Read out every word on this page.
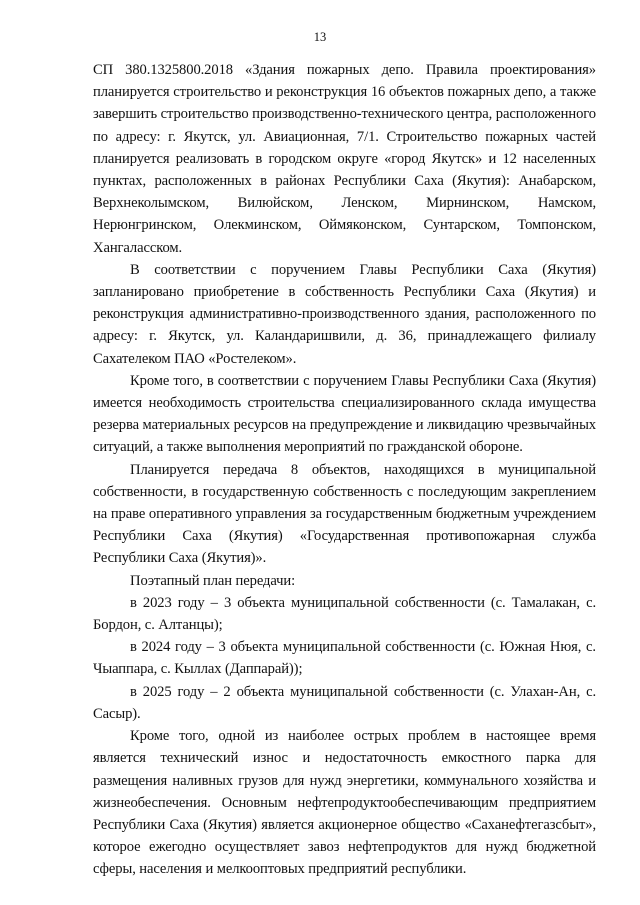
13

СП 380.1325800.2018 «Здания пожарных депо. Правила проектирования» планируется строительство и реконструкция 16 объектов пожарных депо, а также завершить строительство производственно-технического центра, расположенного по адресу: г. Якутск, ул. Авиационная, 7/1. Строительство пожарных частей планируется реализовать в городском округе «город Якутск» и 12 населенных пунктах, расположенных в районах Республики Саха (Якутия): Анабарском, Верхнеколымском, Вилюйском, Ленском, Мирнинском, Намском, Нерюнгринском, Олекминском, Оймяконском, Сунтарском, Томпонском, Хангаласском.

В соответствии с поручением Главы Республики Саха (Якутия) запланировано приобретение в собственность Республики Саха (Якутия) и реконструкция административно-производственного здания, расположенного по адресу: г. Якутск, ул. Каландаришвили, д. 36, принадлежащего филиалу Сахателеком ПАО «Ростелеком».

Кроме того, в соответствии с поручением Главы Республики Саха (Якутия) имеется необходимость строительства специализированного склада имущества резерва материальных ресурсов на предупреждение и ликвидацию чрезвычайных ситуаций, а также выполнения мероприятий по гражданской обороне.

Планируется передача 8 объектов, находящихся в муниципальной собственности, в государственную собственность с последующим закреплением на праве оперативного управления за государственным бюджетным учреждением Республики Саха (Якутия) «Государственная противопожарная служба Республики Саха (Якутия)».

Поэтапный план передачи:

в 2023 году – 3 объекта муниципальной собственности (с. Тамалакан, с. Бордон, с. Алтанцы);

в 2024 году – 3 объекта муниципальной собственности (с. Южная Нюя, с. Чыаппара, с. Кыллах (Даппарай));

в 2025 году – 2 объекта муниципальной собственности (с. Улахан-Ан, с. Сасыр).

Кроме того, одной из наиболее острых проблем в настоящее время является технический износ и недостаточность емкостного парка для размещения наливных грузов для нужд энергетики, коммунального хозяйства и жизнеобеспечения. Основным нефтепродуктообеспечивающим предприятием Республики Саха (Якутия) является акционерное общество «Саханефтегазсбыт», которое ежегодно осуществляет завоз нефтепродуктов для нужд бюджетной сферы, населения и мелкооптовых предприятий республики.
